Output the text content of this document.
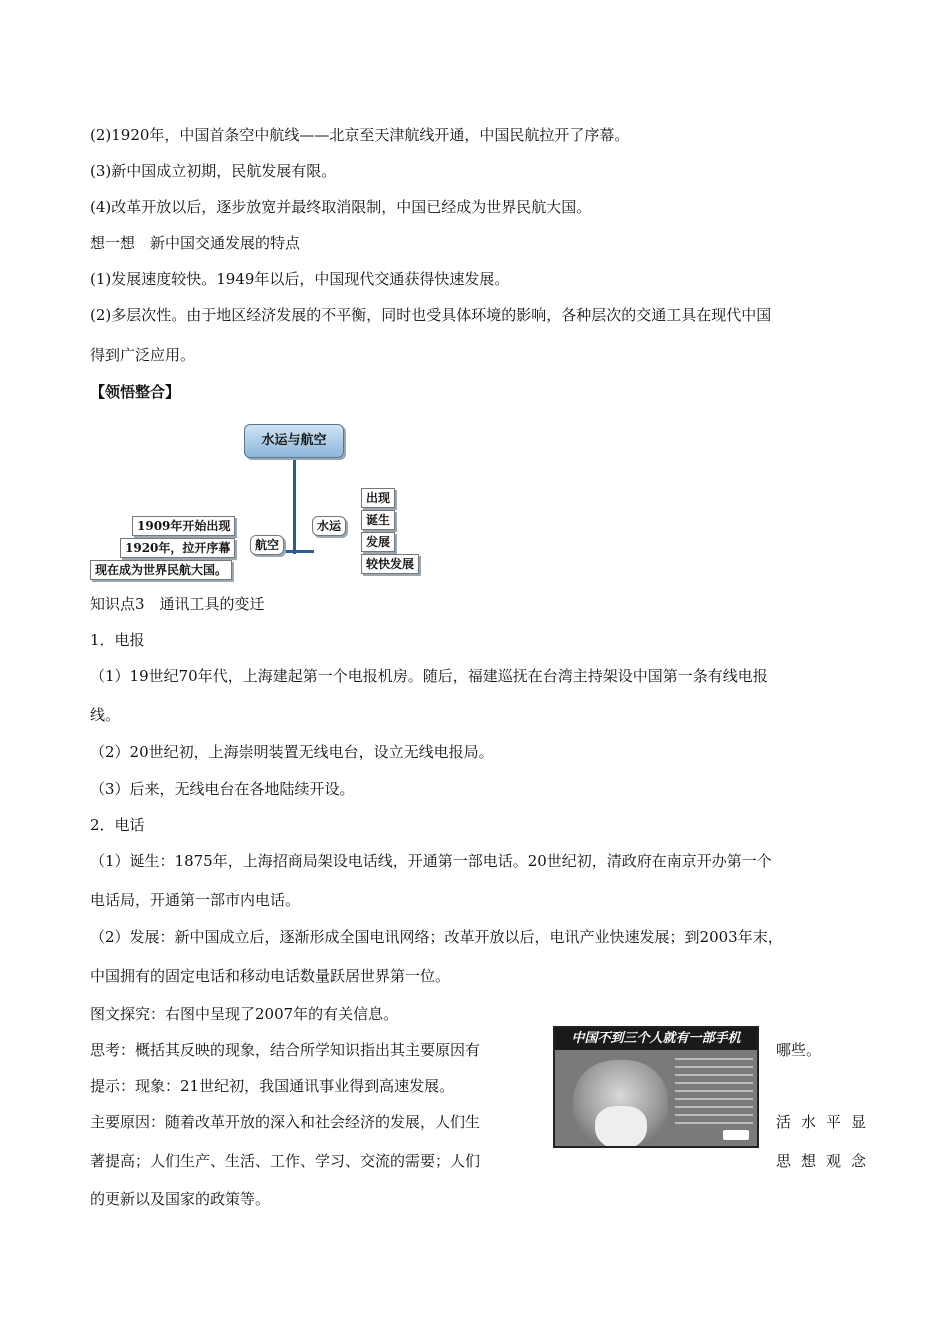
(2)1920年，中国首条空中航线——北京至天津航线开通，中国民航拉开了序幕。
(3)新中国成立初期，民航发展有限。
(4)改革开放以后，逐步放宽并最终取消限制，中国已经成为世界民航大国。
想一想　新中国交通发展的特点
(1)发展速度较快。1949年以后，中国现代交通获得快速发展。
(2)多层次性。由于地区经济发展的不平衡，同时也受具体环境的影响，各种层次的交通工具在现代中国
得到广泛应用。
【领悟整合】
水运与航空
水运
航空
出现
诞生
发展
较快发展
1909年开始出现
1920年，拉开序幕
现在成为世界民航大国。
知识点3　通讯工具的变迁
1．电报
（1）19世纪70年代，上海建起第一个电报机房。随后，福建巡抚在台湾主持架设中国第一条有线电报
线。
（2）20世纪初，上海崇明装置无线电台，设立无线电报局。
（3）后来，无线电台在各地陆续开设。
2．电话
（1）诞生：1875年，上海招商局架设电话线，开通第一部电话。20世纪初，清政府在南京开办第一个
电话局，开通第一部市内电话。
（2）发展：新中国成立后，逐渐形成全国电讯网络；改革开放以后，电讯产业快速发展；到2003年末，
中国拥有的固定电话和移动电话数量跃居世界第一位。
图文探究：右图中呈现了2007年的有关信息。
思考：概括其反映的现象，结合所学知识指出其主要原因有	哪些。
提示：现象：21世纪初，我国通讯事业得到高速发展。
主要原因：随着改革开放的深入和社会经济的发展，人们生	活水平显
著提高；人们生产、生活、工作、学习、交流的需要；人们	思想观念
的更新以及国家的政策等。
中国不到三个人就有一部手机
